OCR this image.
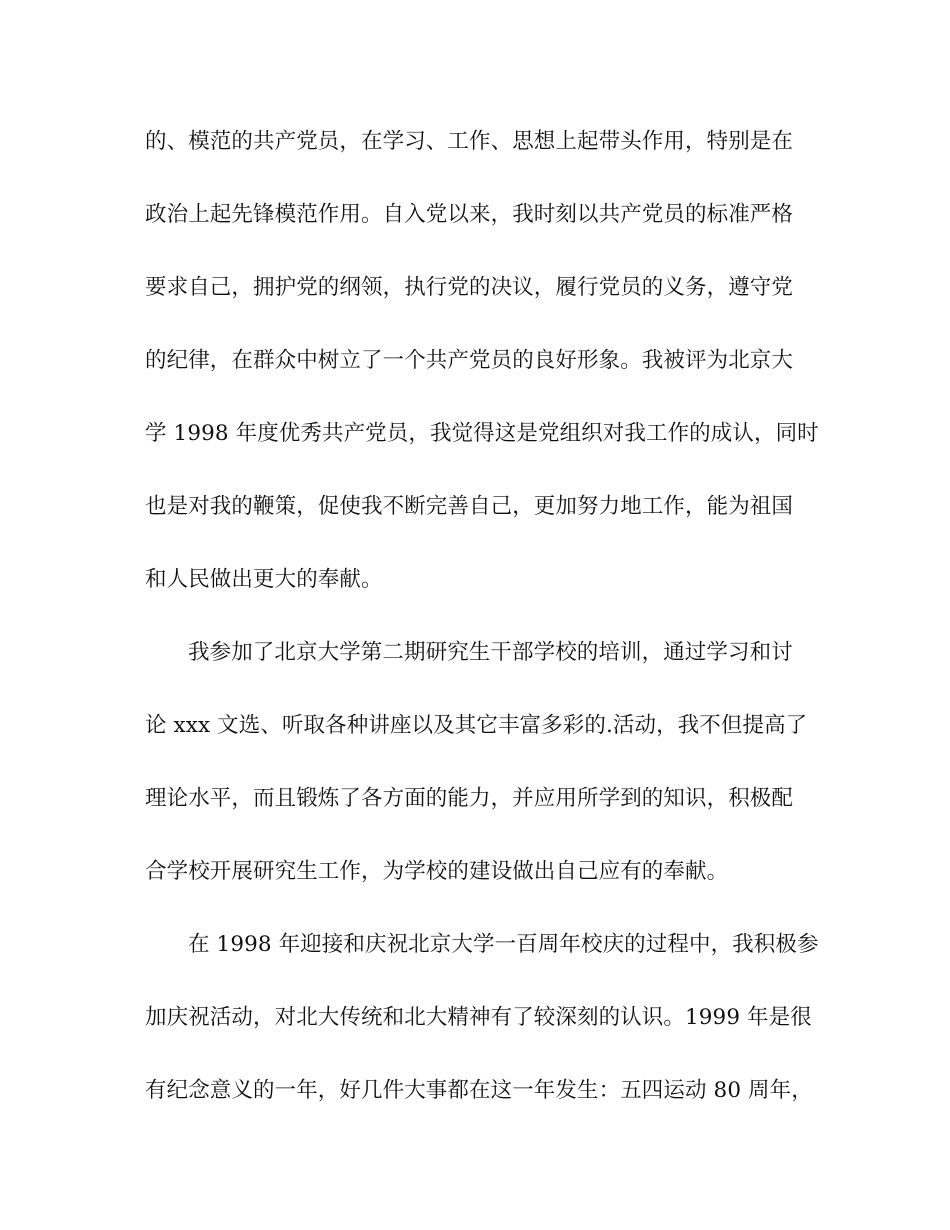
的、模范的共产党员，在学习、工作、思想上起带头作用，特别是在
政治上起先锋模范作用。自入党以来，我时刻以共产党员的标准严格
要求自己，拥护党的纲领，执行党的决议，履行党员的义务，遵守党
的纪律，在群众中树立了一个共产党员的良好形象。我被评为北京大
学 1998 年度优秀共产党员，我觉得这是党组织对我工作的成认，同时
也是对我的鞭策，促使我不断完善自己，更加努力地工作，能为祖国
和人民做出更大的奉献。
我参加了北京大学第二期研究生干部学校的培训，通过学习和讨
论 xxx 文选、听取各种讲座以及其它丰富多彩的.活动，我不但提高了
理论水平，而且锻炼了各方面的能力，并应用所学到的知识，积极配
合学校开展研究生工作，为学校的建设做出自己应有的奉献。
在 1998 年迎接和庆祝北京大学一百周年校庆的过程中，我积极参
加庆祝活动，对北大传统和北大精神有了较深刻的认识。1999 年是很
有纪念意义的一年，好几件大事都在这一年发生：五四运动 80 周年，
